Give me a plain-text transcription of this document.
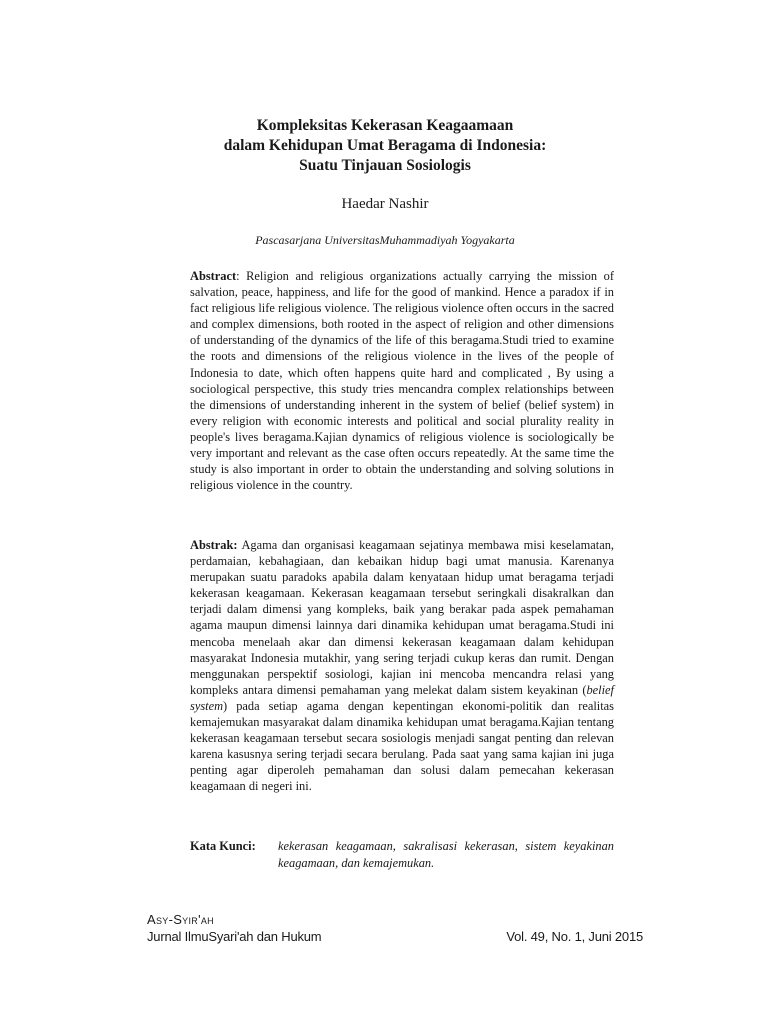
Kompleksitas Kekerasan Keagaamaan
dalam Kehidupan Umat Beragama di Indonesia:
Suatu Tinjauan Sosiologis
Haedar Nashir
Pascasarjana UniversitasMuhammadiyah Yogyakarta

Abstract: Religion and religious organizations actually carrying the mission of salvation, peace, happiness, and life for the good of mankind. Hence a paradox if in fact religious life religious violence. The religious violence often occurs in the sacred and complex dimensions, both rooted in the aspect of religion and other dimensions of understanding of the dynamics of the life of this beragama.Studi tried to examine the roots and dimensions of the religious violence in the lives of the people of Indonesia to date, which often happens quite hard and complicated , By using a sociological perspective, this study tries mencandra complex relationships between the dimensions of understanding inherent in the system of belief (belief system) in every religion with economic interests and political and social plurality reality in people's lives beragama.Kajian dynamics of religious violence is sociologically be very important and relevant as the case often occurs repeatedly. At the same time the study is also important in order to obtain the understanding and solving solutions in religious violence in the country.

Abstrak: Agama dan organisasi keagamaan sejatinya membawa misi keselamatan, perdamaian, kebahagiaan, dan kebaikan hidup bagi umat manusia. Karenanya merupakan suatu paradoks apabila dalam kenyataan hidup umat beragama terjadi kekerasan keagamaan. Kekerasan keagamaan tersebut seringkali disakralkan dan terjadi dalam dimensi yang kompleks, baik yang berakar pada aspek pemahaman agama maupun dimensi lainnya dari dinamika kehidupan umat beragama.Studi ini mencoba menelaah akar dan dimensi kekerasan keagamaan dalam kehidupan masyarakat Indonesia mutakhir, yang sering terjadi cukup keras dan rumit. Dengan menggunakan perspektif sosiologi, kajian ini mencoba mencandra relasi yang kompleks antara dimensi pemahaman yang melekat dalam sistem keyakinan (belief system) pada setiap agama dengan kepentingan ekonomi-politik dan realitas kemajemukan masyarakat dalam dinamika kehidupan umat beragama.Kajian tentang kekerasan keagamaan tersebut secara sosiologis menjadi sangat penting dan relevan karena kasusnya sering terjadi secara berulang. Pada saat yang sama kajian ini juga penting agar diperoleh pemahaman dan solusi dalam pemecahan kekerasan keagamaan di negeri ini.

Kata Kunci:	kekerasan keagamaan, sakralisasi kekerasan, sistem keyakinan keagamaan, dan kemajemukan.
Asy-Syir'ah
Jurnal IlmuSyari'ah dan Hukum	Vol. 49, No. 1, Juni 2015
